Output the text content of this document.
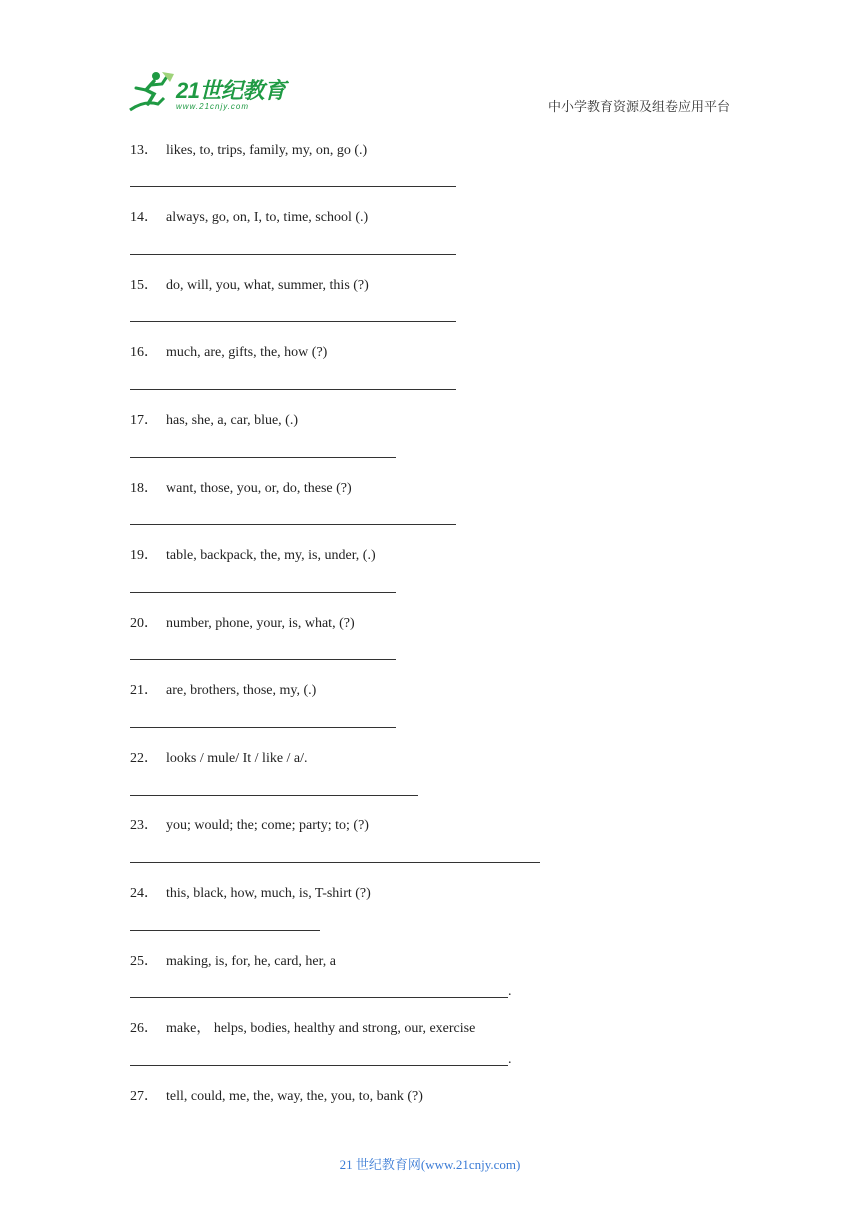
21世纪教育
www.21cnjy.com	中小学教育资源及组卷应用平台
13． likes, to, trips, family, my, on, go (.)
14． always, go, on, I, to, time, school (.)
15． do, will, you, what, summer, this (?)
16． much, are, gifts, the, how (?)
17． has, she, a, car, blue, (.)
18． want, those, you, or, do, these (?)
19． table, backpack, the, my, is, under, (.)
20． number, phone, your, is, what, (?)
21． are, brothers, those, my, (.)
22． looks / mule/ It / like / a/.
23． you; would; the; come; party; to; (?)
24． this, black, how, much, is, T-shirt (?)
25． making, is, for, he, card, her, a
.
26． make， helps, bodies, healthy and strong, our, exercise
.
27． tell, could, me, the, way, the, you, to, bank (?)
21 世纪教育网(www.21cnjy.com)
